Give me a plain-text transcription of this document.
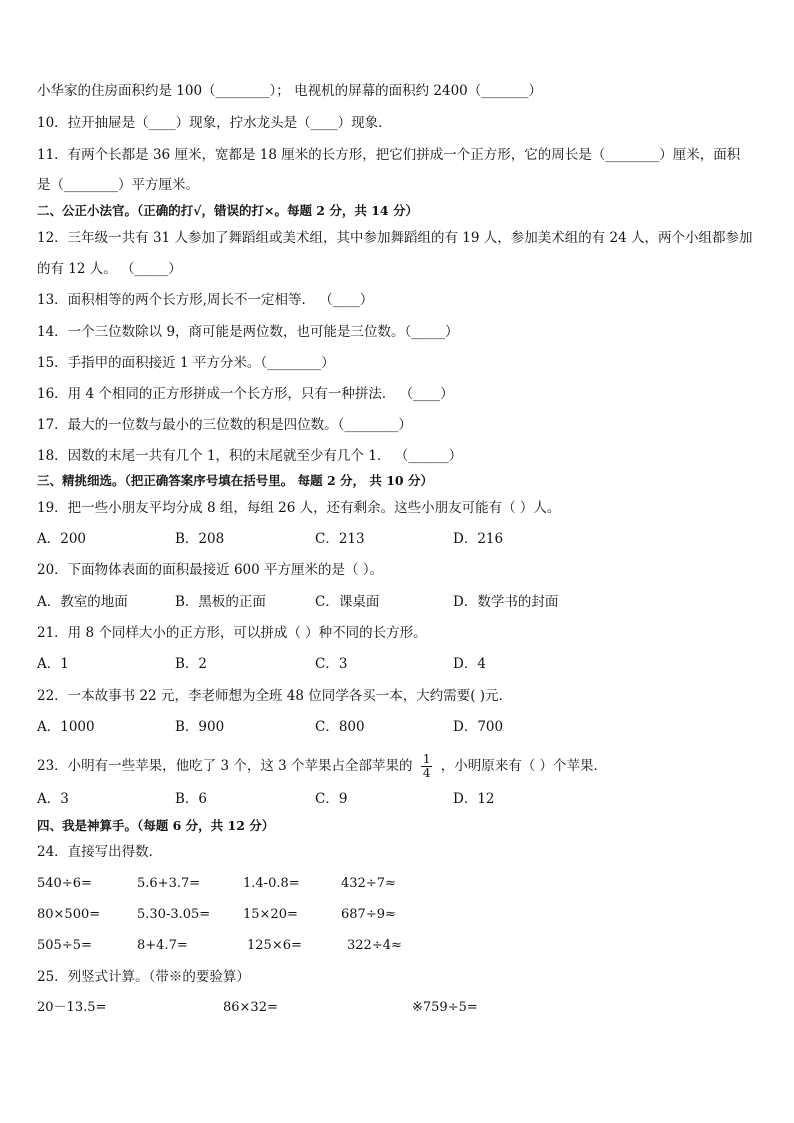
小华家的住房面积约是 100（________）； 电视机的屏幕的面积约 2400（_______）
10．拉开抽屉是（____）现象，拧水龙头是（____）现象．
11．有两个长都是 36 厘米，宽都是 18 厘米的长方形，把它们拼成一个正方形，它的周长是（________）厘米，面积
是（________）平方厘米。
二、公正小法官。（正确的打√，错误的打×。每题 2 分，共 14 分）
12．三年级一共有 31 人参加了舞蹈组或美术组，其中参加舞蹈组的有 19 人，参加美术组的有 24 人，两个小组都参加
的有 12 人。 （_____）
13．面积相等的两个长方形,周长不一定相等． （____）
14．一个三位数除以 9，商可能是两位数，也可能是三位数。（_____）
15．手指甲的面积接近 1 平方分米。（________）
16．用 4 个相同的正方形拼成一个长方形，只有一种拼法． （____）
17．最大的一位数与最小的三位数的积是四位数。（________）
18．因数的末尾一共有几个 1，积的末尾就至少有几个 1． （______）
三、精挑细选。（把正确答案序号填在括号里。 每题 2 分， 共 10 分）
19．把一些小朋友平均分成 8 组，每组 26 人，还有剩余。这些小朋友可能有（ ）人。
A．200	B．208	C．213	D．216
20．下面物体表面的面积最接近 600 平方厘米的是（ ）。
A．教室的地面	B．黑板的正面	C．课桌面	D．数学书的封面
21．用 8 个同样大小的正方形，可以拼成（ ）种不同的长方形。
A．1	B．2	C．3	D．4
22．一本故事书 22 元，李老师想为全班 48 位同学各买一本，大约需要( )元．
A．1000	B．900	C．800	D．700
23．小明有一些苹果，他吃了 3 个，这 3 个苹果占全部苹果的 $\frac{1}{4}$ ，小明原来有（ ）个苹果．
A．3	B．6	C．9	D．12
四、我是神算手。（每题 6 分，共 12 分）
24．直接写出得数．
540÷6=	5.6+3.7=	1.4-0.8=	432÷7≈
80×500=	5.30-3.05=	15×20=	687÷9≈
505÷5=	8+4.7=	125×6=	322÷4≈
25．列竖式计算。（带※的要验算）
20－13.5=	86×32=	※759÷5=
